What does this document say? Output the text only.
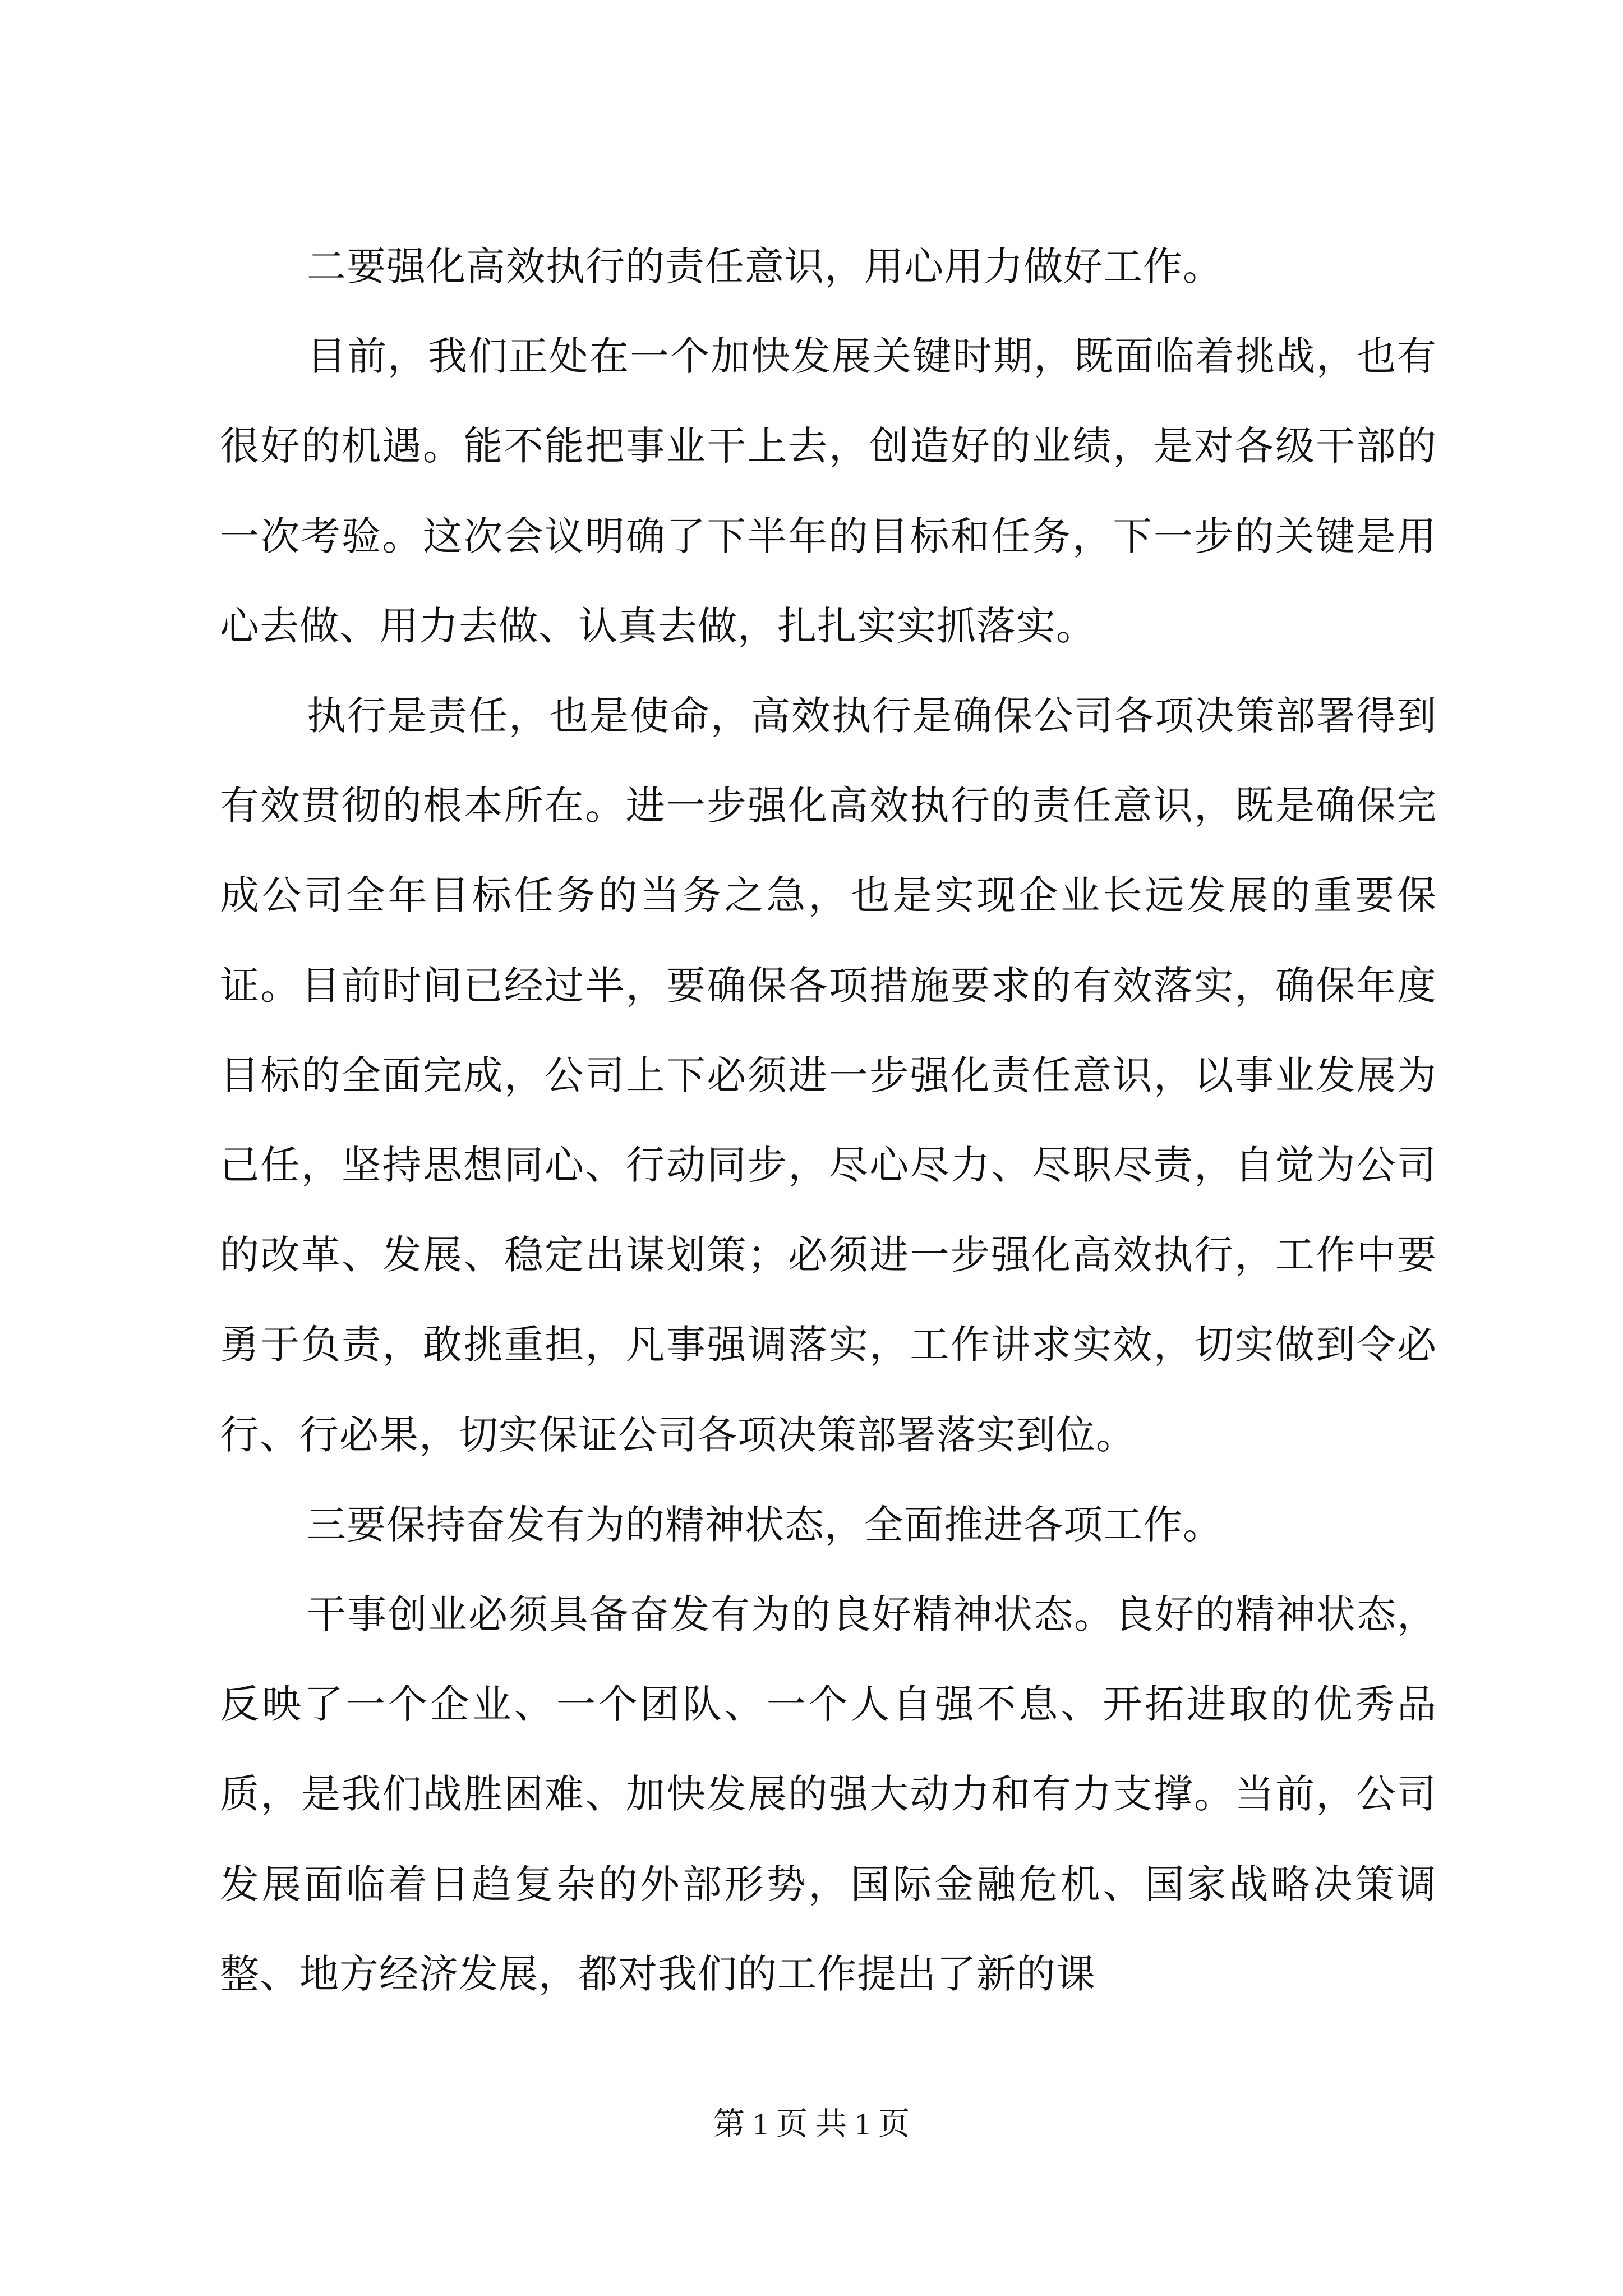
二要强化高效执行的责任意识，用心用力做好工作。

目前，我们正处在一个加快发展关键时期，既面临着挑战，也有很好的机遇。能不能把事业干上去，创造好的业绩，是对各级干部的一次考验。这次会议明确了下半年的目标和任务，下一步的关键是用心去做、用力去做、认真去做，扎扎实实抓落实。

执行是责任，也是使命，高效执行是确保公司各项决策部署得到有效贯彻的根本所在。进一步强化高效执行的责任意识，既是确保完成公司全年目标任务的当务之急，也是实现企业长远发展的重要保证。目前时间已经过半，要确保各项措施要求的有效落实，确保年度目标的全面完成，公司上下必须进一步强化责任意识，以事业发展为己任，坚持思想同心、行动同步，尽心尽力、尽职尽责，自觉为公司的改革、发展、稳定出谋划策；必须进一步强化高效执行，工作中要勇于负责，敢挑重担，凡事强调落实，工作讲求实效，切实做到令必行、行必果，切实保证公司各项决策部署落实到位。

三要保持奋发有为的精神状态，全面推进各项工作。

干事创业必须具备奋发有为的良好精神状态。良好的精神状态，反映了一个企业、一个团队、一个人自强不息、开拓进取的优秀品质，是我们战胜困难、加快发展的强大动力和有力支撑。当前，公司发展面临着日趋复杂的外部形势，国际金融危机、国家战略决策调整、地方经济发展，都对我们的工作提出了新的课

第 1 页 共 1 页
